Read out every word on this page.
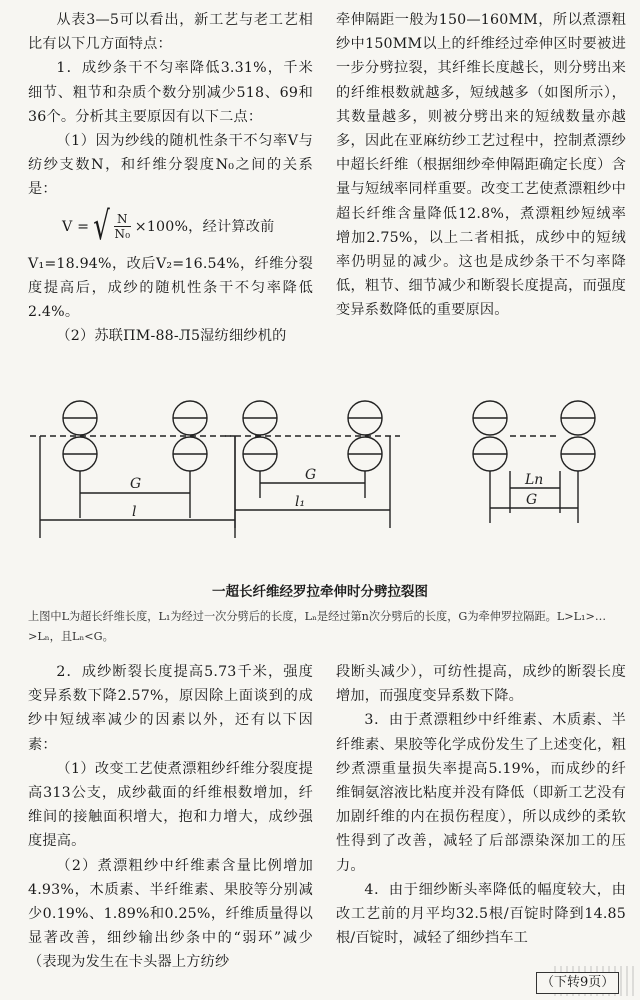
从表3—5可以看出，新工艺与老工艺相比有以下几方面特点：

1．成纱条干不匀率降低3.31%，千米细节、粗节和杂质个数分别减少518、69和36个。分析其主要原因有以下二点：

（1）因为纱线的随机性条干不匀率V与纺纱支数N，和纤维分裂度N₀之间的关系是：

V = √ $\frac{N}{\text{N₀}} \times 100\%$，经计算改前

V₁=18.94%，改后V₂=16.54%，纤维分裂度提高后，成纱的随机性条干不匀率降低2.4%。

（2）苏联ПМ-88-Л5湿纺细纱机的

牵伸隔距一般为150—160MM，所以煮漂粗纱中150MM以上的纤维经过牵伸区时要被进一步分劈拉裂，其纤维长度越长，则分劈出来的纤维根数就越多，短绒越多（如图所示），其数量越多，则被分劈出来的短绒数量亦越多，因此在亚麻纺纱工艺过程中，控制煮漂纱中超长纤维（根据细纱牵伸隔距确定长度）含量与短绒率同样重要。改变工艺使煮漂粗纱中超长纤维含量降低12.8%，煮漂粗纱短绒率增加2.75%，以上二者相抵，成纱中的短绒率仍明显的减少。这也是成纱条干不匀率降低，粗节、细节减少和断裂长度提高，而强度变异系数降低的重要原因。

G
l
G
l₁
Ln
G
一超长纤维经罗拉牵伸时分劈拉裂图
上图中L为超长纤维长度，L₁为经过一次分劈后的长度，Lₙ是经过第n次分劈后的长度，G为牵伸罗拉隔距。L>L₁>…>Lₙ，且Lₙ<G。

2．成纱断裂长度提高5.73千米，强度变异系数下降2.57%，原因除上面谈到的成纱中短绒率减少的因素以外，还有以下因素：

（1）改变工艺使煮漂粗纱纤维分裂度提高313公支，成纱截面的纤维根数增加，纤维间的接触面积增大，抱和力增大，成纱强度提高。

（2）煮漂粗纱中纤维素含量比例增加4.93%，木质素、半纤维素、果胶等分别减少0.19%、1.89%和0.25%，纤维质量得以显著改善，细纱输出纱条中的“弱环”减少（表现为发生在卡头器上方纺纱

段断头减少），可纺性提高，成纱的断裂长度增加，而强度变异系数下降。

3．由于煮漂粗纱中纤维素、木质素、半纤维素、果胶等化学成份发生了上述变化，粗纱煮漂重量损失率提高5.19%，而成纱的纤维铜氨溶液比粘度并没有降低（即新工艺没有加剧纤维的内在损伤程度），所以成纱的柔软性得到了改善，减轻了后部漂染深加工的压力。

4．由于细纱断头率降低的幅度较大，由改工艺前的月平均32.5根/百锭时降到14.85根/百锭时，减轻了细纱挡车工

（下转9页）
